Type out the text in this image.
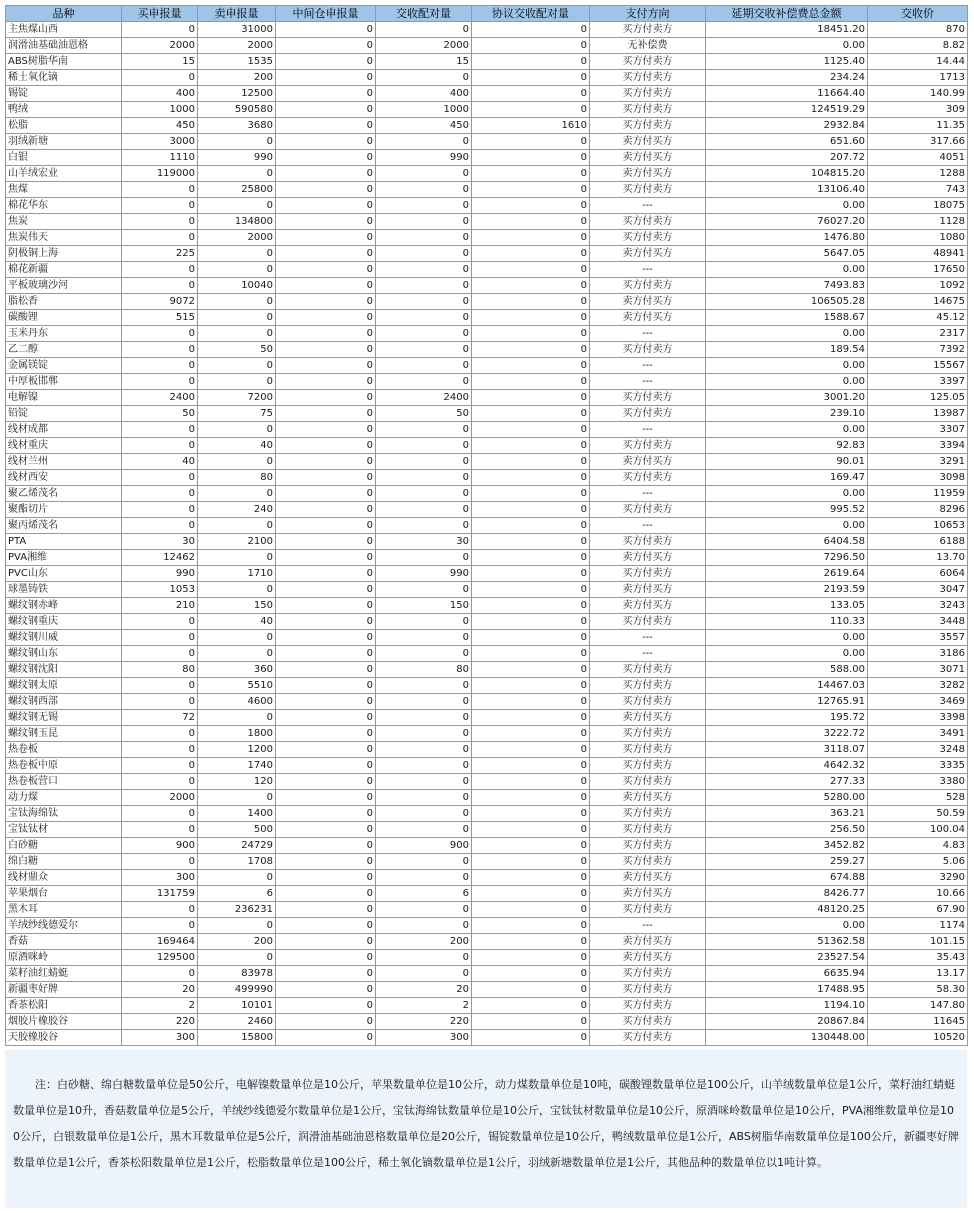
品种	买申报量	卖申报量	中间仓申报量	交收配对量	协议交收配对量	支付方向	延期交收补偿费总金额	交收价
主焦煤山西	0	31000	0	0	0	买方付卖方	18451.20	870
润滑油基础油恩格	2000	2000	0	2000	0	无补偿费	0.00	8.82
ABS树脂华南	15	1535	0	15	0	买方付卖方	1125.40	14.44
稀土氧化镝	0	200	0	0	0	买方付卖方	234.24	1713
锡锭	400	12500	0	400	0	买方付卖方	11664.40	140.99
鸭绒	1000	590580	0	1000	0	买方付卖方	124519.29	309
松脂	450	3680	0	450	1610	买方付卖方	2932.84	11.35
羽绒新塘	3000	0	0	0	0	卖方付买方	651.60	317.66
白银	1110	990	0	990	0	卖方付买方	207.72	4051
山羊绒宏业	119000	0	0	0	0	卖方付买方	104815.20	1288
焦煤	0	25800	0	0	0	买方付卖方	13106.40	743
棉花华东	0	0	0	0	0	---	0.00	18075
焦炭	0	134800	0	0	0	买方付卖方	76027.20	1128
焦炭伟天	0	2000	0	0	0	买方付卖方	1476.80	1080
阴极铜上海	225	0	0	0	0	卖方付买方	5647.05	48941
棉花新疆	0	0	0	0	0	---	0.00	17650
平板玻璃沙河	0	10040	0	0	0	买方付卖方	7493.83	1092
脂松香	9072	0	0	0	0	卖方付买方	106505.28	14675
碳酸锂	515	0	0	0	0	卖方付买方	1588.67	45.12
玉米丹东	0	0	0	0	0	---	0.00	2317
乙二醇	0	50	0	0	0	买方付卖方	189.54	7392
金属镁锭	0	0	0	0	0	---	0.00	15567
中厚板邯郸	0	0	0	0	0	---	0.00	3397
电解镍	2400	7200	0	2400	0	买方付卖方	3001.20	125.05
铅锭	50	75	0	50	0	买方付卖方	239.10	13987
线材成都	0	0	0	0	0	---	0.00	3307
线材重庆	0	40	0	0	0	买方付卖方	92.83	3394
线材兰州	40	0	0	0	0	卖方付买方	90.01	3291
线材西安	0	80	0	0	0	买方付卖方	169.47	3098
聚乙烯茂名	0	0	0	0	0	---	0.00	11959
聚酯切片	0	240	0	0	0	买方付卖方	995.52	8296
聚丙烯茂名	0	0	0	0	0	---	0.00	10653
PTA	30	2100	0	30	0	买方付卖方	6404.58	6188
PVA湘维	12462	0	0	0	0	卖方付买方	7296.50	13.70
PVC山东	990	1710	0	990	0	买方付卖方	2619.64	6064
球墨铸铁	1053	0	0	0	0	卖方付买方	2193.59	3047
螺纹钢赤峰	210	150	0	150	0	卖方付买方	133.05	3243
螺纹钢重庆	0	40	0	0	0	买方付卖方	110.33	3448
螺纹钢川威	0	0	0	0	0	---	0.00	3557
螺纹钢山东	0	0	0	0	0	---	0.00	3186
螺纹钢沈阳	80	360	0	80	0	买方付卖方	588.00	3071
螺纹钢太原	0	5510	0	0	0	买方付卖方	14467.03	3282
螺纹钢西部	0	4600	0	0	0	买方付卖方	12765.91	3469
螺纹钢无锡	72	0	0	0	0	卖方付买方	195.72	3398
螺纹钢玉昆	0	1800	0	0	0	买方付卖方	3222.72	3491
热卷板	0	1200	0	0	0	买方付卖方	3118.07	3248
热卷板中原	0	1740	0	0	0	买方付卖方	4642.32	3335
热卷板营口	0	120	0	0	0	买方付卖方	277.33	3380
动力煤	2000	0	0	0	0	卖方付买方	5280.00	528
宝钛海绵钛	0	1400	0	0	0	买方付卖方	363.21	50.59
宝钛钛材	0	500	0	0	0	买方付卖方	256.50	100.04
白砂糖	900	24729	0	900	0	买方付卖方	3452.82	4.83
绵白糖	0	1708	0	0	0	买方付卖方	259.27	5.06
线材鼎众	300	0	0	0	0	卖方付买方	674.88	3290
苹果烟台	131759	6	0	6	0	卖方付买方	8426.77	10.66
黑木耳	0	236231	0	0	0	买方付卖方	48120.25	67.90
羊绒纱线德爱尔	0	0	0	0	0	---	0.00	1174
香菇	169464	200	0	200	0	卖方付买方	51362.58	101.15
原酒咪岭	129500	0	0	0	0	卖方付买方	23527.54	35.43
菜籽油红蜻蜓	0	83978	0	0	0	买方付卖方	6635.94	13.17
新疆枣好牌	20	499990	0	20	0	买方付卖方	17488.95	58.30
香茶松阳	2	10101	0	2	0	买方付卖方	1194.10	147.80
烟胶片橡胶谷	220	2460	0	220	0	买方付卖方	20867.84	11645
天胶橡胶谷	300	15800	0	300	0	买方付卖方	130448.00	10520
注：白砂糖、绵白糖数量单位是50公斤，电解镍数量单位是10公斤，苹果数量单位是10公斤，动力煤数量单位是10吨，碳酸锂数量单位是100公斤，山羊绒数量单位是1公斤，菜籽油红蜻蜓数量单位是10升，香菇数量单位是5公斤，羊绒纱线德爱尔数量单位是1公斤，宝钛海绵钛数量单位是10公斤，宝钛钛材数量单位是10公斤，原酒咪岭数量单位是10公斤，PVA湘维数量单位是100公斤，白银数量单位是1公斤，黑木耳数量单位是5公斤，润滑油基础油恩格数量单位是20公斤，锡锭数量单位是10公斤，鸭绒数量单位是1公斤，ABS树脂华南数量单位是100公斤，新疆枣好牌数量单位是1公斤，香茶松阳数量单位是1公斤，松脂数量单位是100公斤，稀土氧化镝数量单位是1公斤，羽绒新塘数量单位是1公斤，其他品种的数量单位以1吨计算。
